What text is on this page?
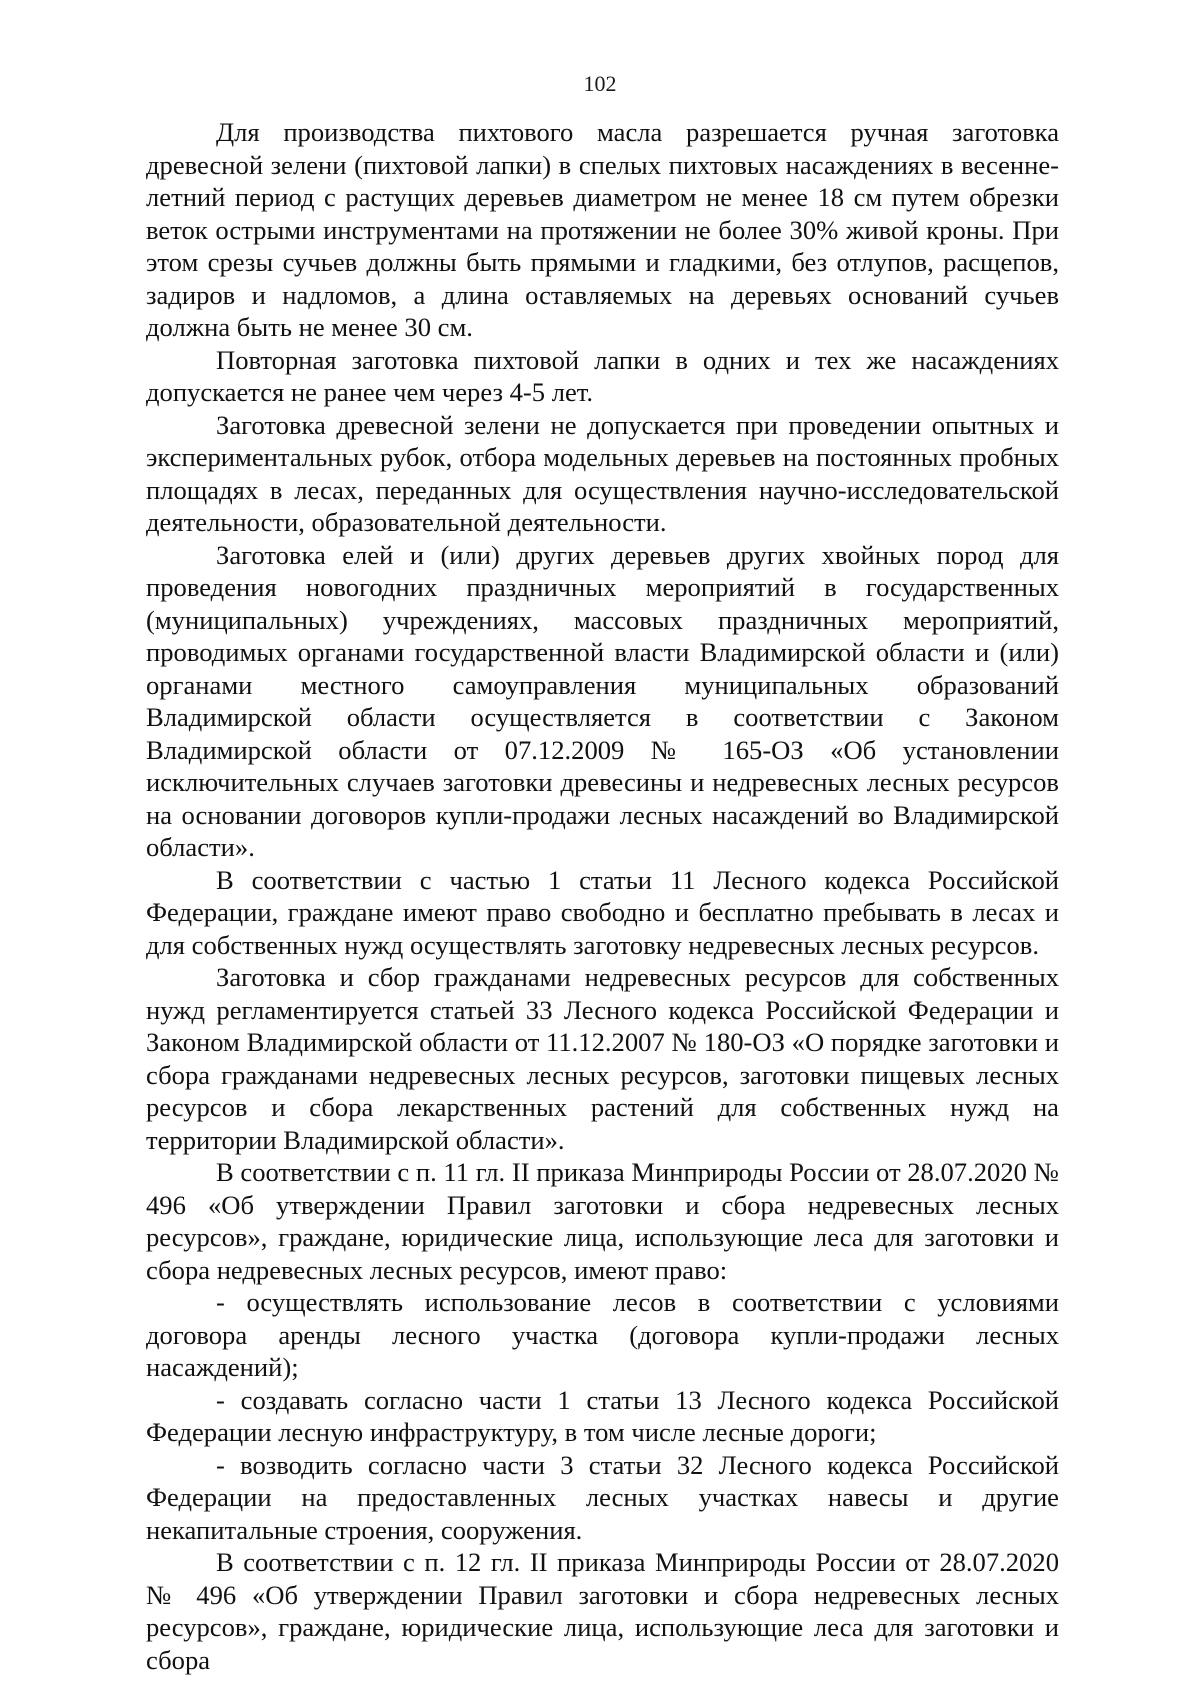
102

Для производства пихтового масла разрешается ручная заготовка древесной зелени (пихтовой лапки) в спелых пихтовых насаждениях в весенне-летний период с растущих деревьев диаметром не менее 18 см путем обрезки веток острыми инструментами на протяжении не более 30% живой кроны. При этом срезы сучьев должны быть прямыми и гладкими, без отлупов, расщепов, задиров и надломов, а длина оставляемых на деревьях оснований сучьев должна быть не менее 30 см.

Повторная заготовка пихтовой лапки в одних и тех же насаждениях допускается не ранее чем через 4-5 лет.

Заготовка древесной зелени не допускается при проведении опытных и экспериментальных рубок, отбора модельных деревьев на постоянных пробных площадях в лесах, переданных для осуществления научно-исследовательской деятельности, образовательной деятельности.

Заготовка елей и (или) других деревьев других хвойных пород для проведения новогодних праздничных мероприятий в государственных (муниципальных) учреждениях, массовых праздничных мероприятий, проводимых органами государственной власти Владимирской области и (или) органами местного самоуправления муниципальных образований Владимирской области осуществляется в соответствии с Законом Владимирской области от 07.12.2009 № 165-ОЗ «Об установлении исключительных случаев заготовки древесины и недревесных лесных ресурсов на основании договоров купли-продажи лесных насаждений во Владимирской области».

В соответствии с частью 1 статьи 11 Лесного кодекса Российской Федерации, граждане имеют право свободно и бесплатно пребывать в лесах и для собственных нужд осуществлять заготовку недревесных лесных ресурсов.

Заготовка и сбор гражданами недревесных ресурсов для собственных нужд регламентируется статьей 33 Лесного кодекса Российской Федерации и Законом Владимирской области от 11.12.2007 № 180-ОЗ «О порядке заготовки и сбора гражданами недревесных лесных ресурсов, заготовки пищевых лесных ресурсов и сбора лекарственных растений для собственных нужд на территории Владимирской области».

В соответствии с п. 11 гл. II приказа Минприроды России от 28.07.2020 № 496 «Об утверждении Правил заготовки и сбора недревесных лесных ресурсов», граждане, юридические лица, использующие леса для заготовки и сбора недревесных лесных ресурсов, имеют право:

- осуществлять использование лесов в соответствии с условиями договора аренды лесного участка (договора купли-продажи лесных насаждений);

- создавать согласно части 1 статьи 13 Лесного кодекса Российской Федерации лесную инфраструктуру, в том числе лесные дороги;

- возводить согласно части 3 статьи 32 Лесного кодекса Российской Федерации на предоставленных лесных участках навесы и другие некапитальные строения, сооружения.

В соответствии с п. 12 гл. II приказа Минприроды России от 28.07.2020 № 496 «Об утверждении Правил заготовки и сбора недревесных лесных ресурсов», граждане, юридические лица, использующие леса для заготовки и сбора
